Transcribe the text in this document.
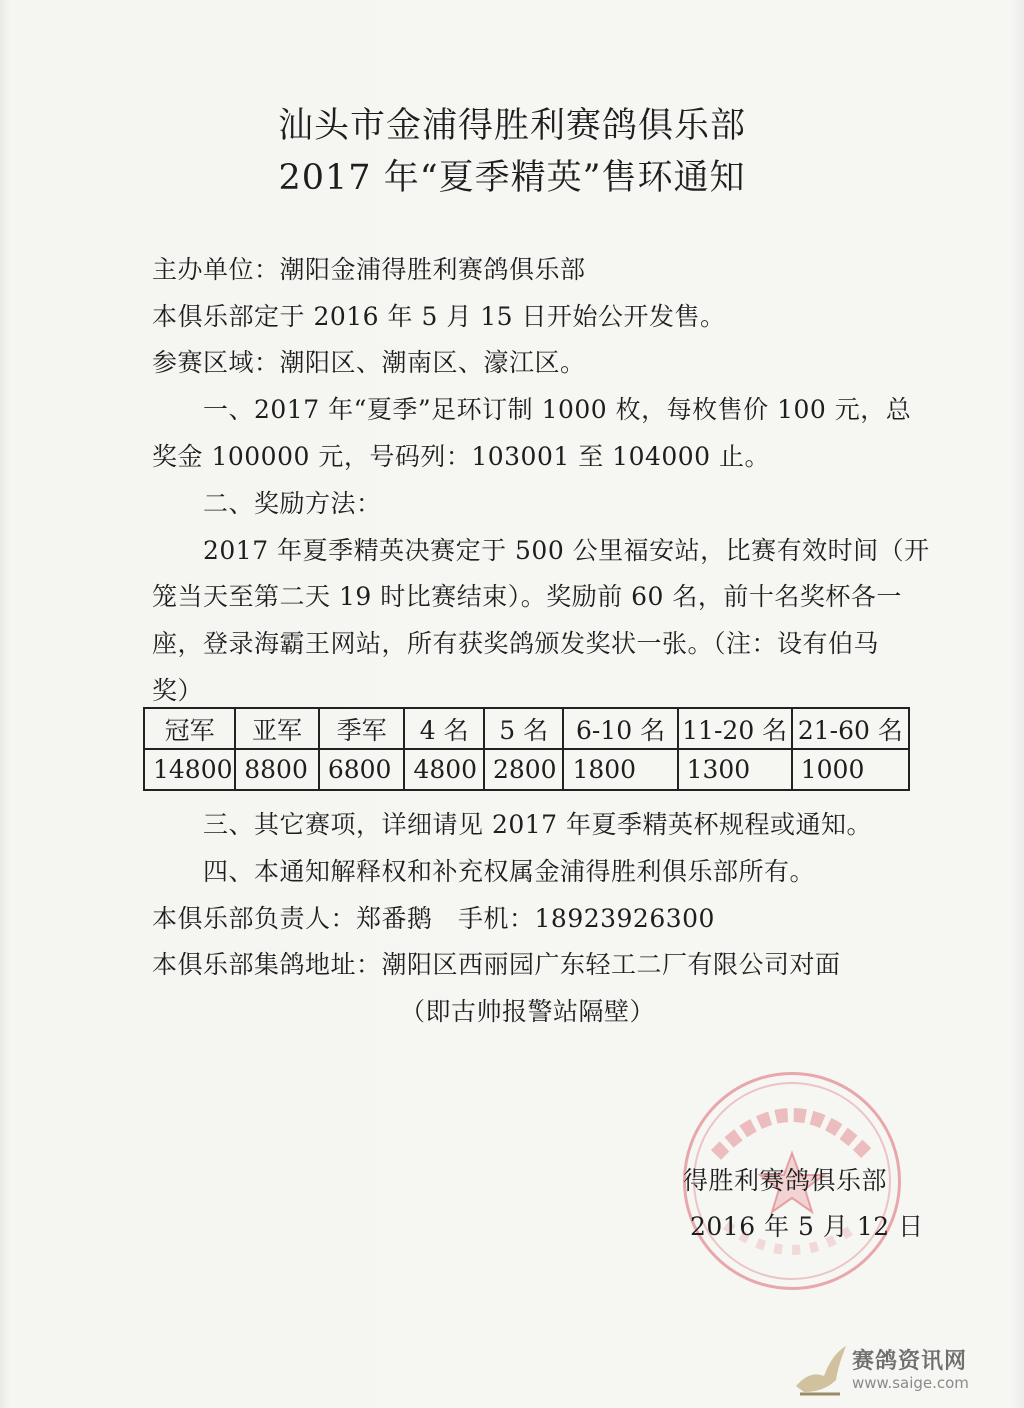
汕头市金浦得胜利赛鸽俱乐部
2017 年“夏季精英”售环通知
主办单位：潮阳金浦得胜利赛鸽俱乐部
本俱乐部定于 2016 年 5 月 15 日开始公开发售。
参赛区域：潮阳区、潮南区、濠江区。
一、2017 年“夏季”足环订制 1000 枚，每枚售价 100 元，总
奖金 100000 元，号码列：103001 至 104000 止。
二、奖励方法：
2017 年夏季精英决赛定于 500 公里福安站，比赛有效时间（开
笼当天至第二天 19 时比赛结束）。奖励前 60 名，前十名奖杯各一
座，登录海霸王网站，所有获奖鸽颁发奖状一张。（注：设有伯马
奖）
冠军	亚军	季军	4 名	5 名	6-10 名	11-20 名	21-60 名
14800	8800	6800	4800	2800	1800	1300	1000
三、其它赛项，详细请见 2017 年夏季精英杯规程或通知。
四、本通知解释权和补充权属金浦得胜利俱乐部所有。
本俱乐部负责人：郑番鹅　手机：18923926300
本俱乐部集鸽地址：潮阳区西丽园广东轻工二厂有限公司对面
（即古帅报警站隔壁）
得胜利赛鸽俱乐部
2016 年 5 月 12 日
赛鸽资讯网
www.saige.com
